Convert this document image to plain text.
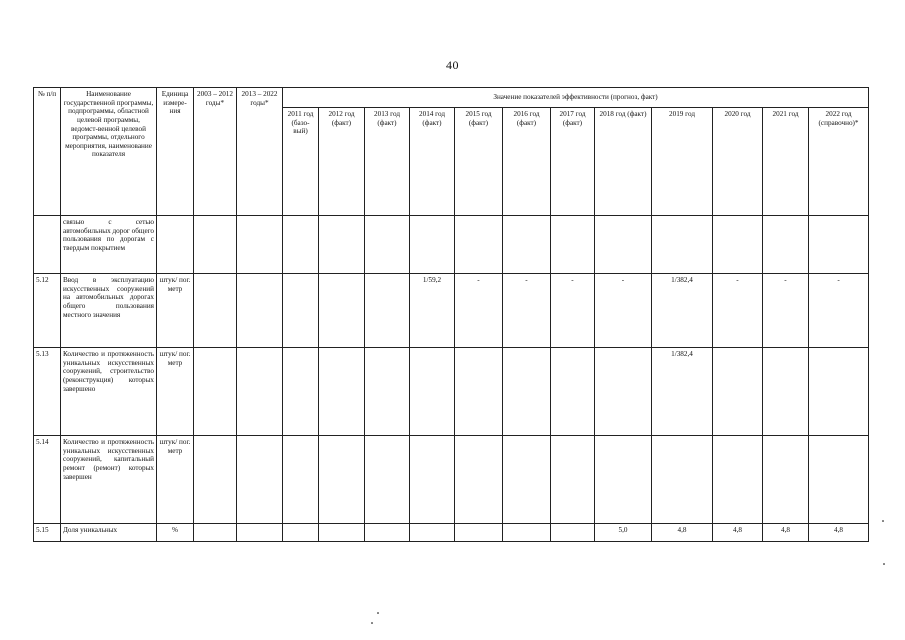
40
№ п/п	Наименование государственной программы, подпрограммы, областной целевой программы, ведомст-венной целевой программы, отдельного мероприятия, наименование показателя	Единица измере-ния	2003 – 2012 годы*	2013 – 2022 годы*	Значение показателей эффективности (прогноз, факт)											
					2011 год (базо-вый)	2012 год (факт)	2013 год (факт)	2014 год (факт)	2015 год (факт)	2016 год (факт)	2017 год (факт)	2018 год (факт)	2019 год	2020 год	2021 год	2022 год (справочно)*
	связью с сетью автомобильных дорог общего пользования по дорогам с твердым покрытием															
5.12	Ввод в эксплуатацию искусственных сооружений на автомобильных дорогах общего пользования местного значения	штук/ пог. метр						1/59,2	-	-	-	-	1/382,4	-	-	-
5.13	Количество и протяженность уникальных искусственных сооружений, строительство (реконструкция) которых завершено	штук/ пог. метр											1/382,4			
5.14	Количество и протяженность уникальных искусственных сооружений, капитальный ремонт (ремонт) которых завершен	штук/ пог. метр														
5.15	Доля уникальных	%										5,0	4,8	4,8	4,8	4,8
